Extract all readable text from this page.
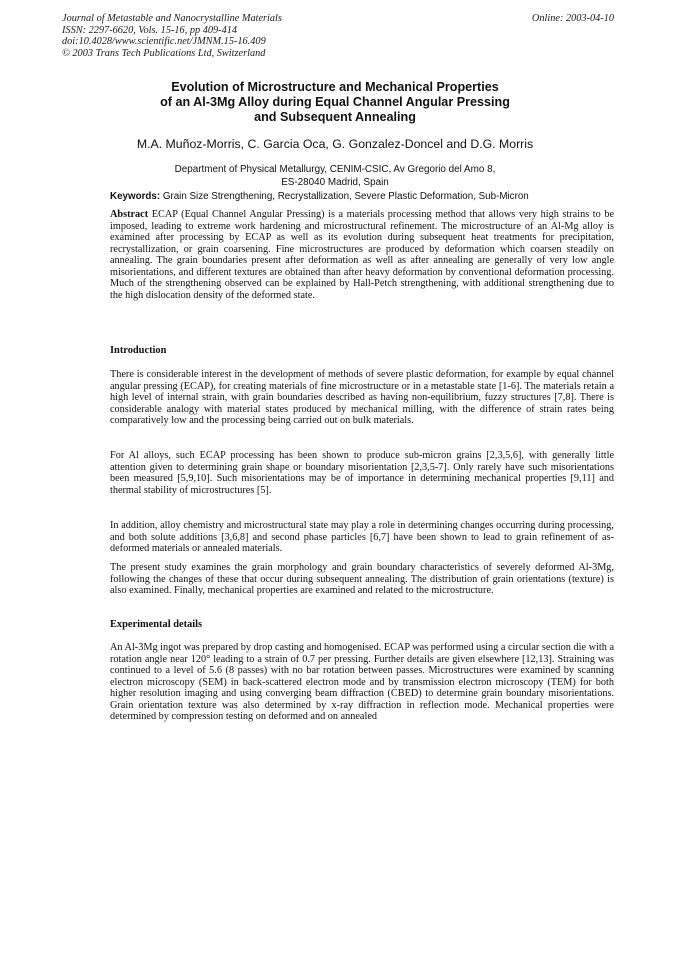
Journal of Metastable and Nanocrystalline Materials
ISSN: 2297-6620, Vols. 15-16, pp 409-414
doi:10.4028/www.scientific.net/JMNM.15-16.409
© 2003 Trans Tech Publications Ltd, Switzerland
Online: 2003-04-10
Evolution of Microstructure and Mechanical Properties
of an Al-3Mg Alloy during Equal Channel Angular Pressing
and Subsequent Annealing
M.A. Muñoz-Morris, C. Garcia Oca, G. Gonzalez-Doncel and D.G. Morris
Department of Physical Metallurgy, CENIM-CSIC, Av Gregorio del Amo 8,
ES-28040 Madrid, Spain
Keywords: Grain Size Strengthening, Recrystallization, Severe Plastic Deformation, Sub-Micron
Abstract ECAP (Equal Channel Angular Pressing) is a materials processing method that allows very high strains to be imposed, leading to extreme work hardening and microstructural refinement. The microstructure of an Al-Mg alloy is examined after processing by ECAP as well as its evolution during subsequent heat treatments for precipitation, recrystallization, or grain coarsening. Fine microstructures are produced by deformation which coarsen steadily on annealing. The grain boundaries present after deformation as well as after annealing are generally of very low angle misorientations, and different textures are obtained than after heavy deformation by conventional deformation processing. Much of the strengthening observed can be explained by Hall-Petch strengthening, with additional strengthening due to the high dislocation density of the deformed state.
Introduction
There is considerable interest in the development of methods of severe plastic deformation, for example by equal channel angular pressing (ECAP), for creating materials of fine microstructure or in a metastable state [1-6]. The materials retain a high level of internal strain, with grain boundaries described as having non-equilibrium, fuzzy structures [7,8]. There is considerable analogy with material states produced by mechanical milling, with the difference of strain rates being comparatively low and the processing being carried out on bulk materials.
For Al alloys, such ECAP processing has been shown to produce sub-micron grains [2,3,5,6], with generally little attention given to determining grain shape or boundary misorientation [2,3,5-7]. Only rarely have such misorientations been measured [5,9,10]. Such misorientations may be of importance in determining mechanical properties [9,11] and thermal stability of microstructures [5].
In addition, alloy chemistry and microstructural state may play a role in determining changes occurring during processing, and both solute additions [3,6,8] and second phase particles [6,7] have been shown to lead to grain refinement of as-deformed materials or annealed materials.
The present study examines the grain morphology and grain boundary characteristics of severely deformed Al-3Mg, following the changes of these that occur during subsequent annealing. The distribution of grain orientations (texture) is also examined. Finally, mechanical properties are examined and related to the microstructure.
Experimental details
An Al-3Mg ingot was prepared by drop casting and homogenised. ECAP was performed using a circular section die with a rotation angle near 120° leading to a strain of 0.7 per pressing. Further details are given elsewhere [12,13]. Straining was continued to a level of 5.6 (8 passes) with no bar rotation between passes. Microstructures were examined by scanning electron microscopy (SEM) in back-scattered electron mode and by transmission electron microscopy (TEM) for both higher resolution imaging and using converging beam diffraction (CBED) to determine grain boundary misorientations. Grain orientation texture was also determined by x-ray diffraction in reflection mode. Mechanical properties were determined by compression testing on deformed and on annealed
